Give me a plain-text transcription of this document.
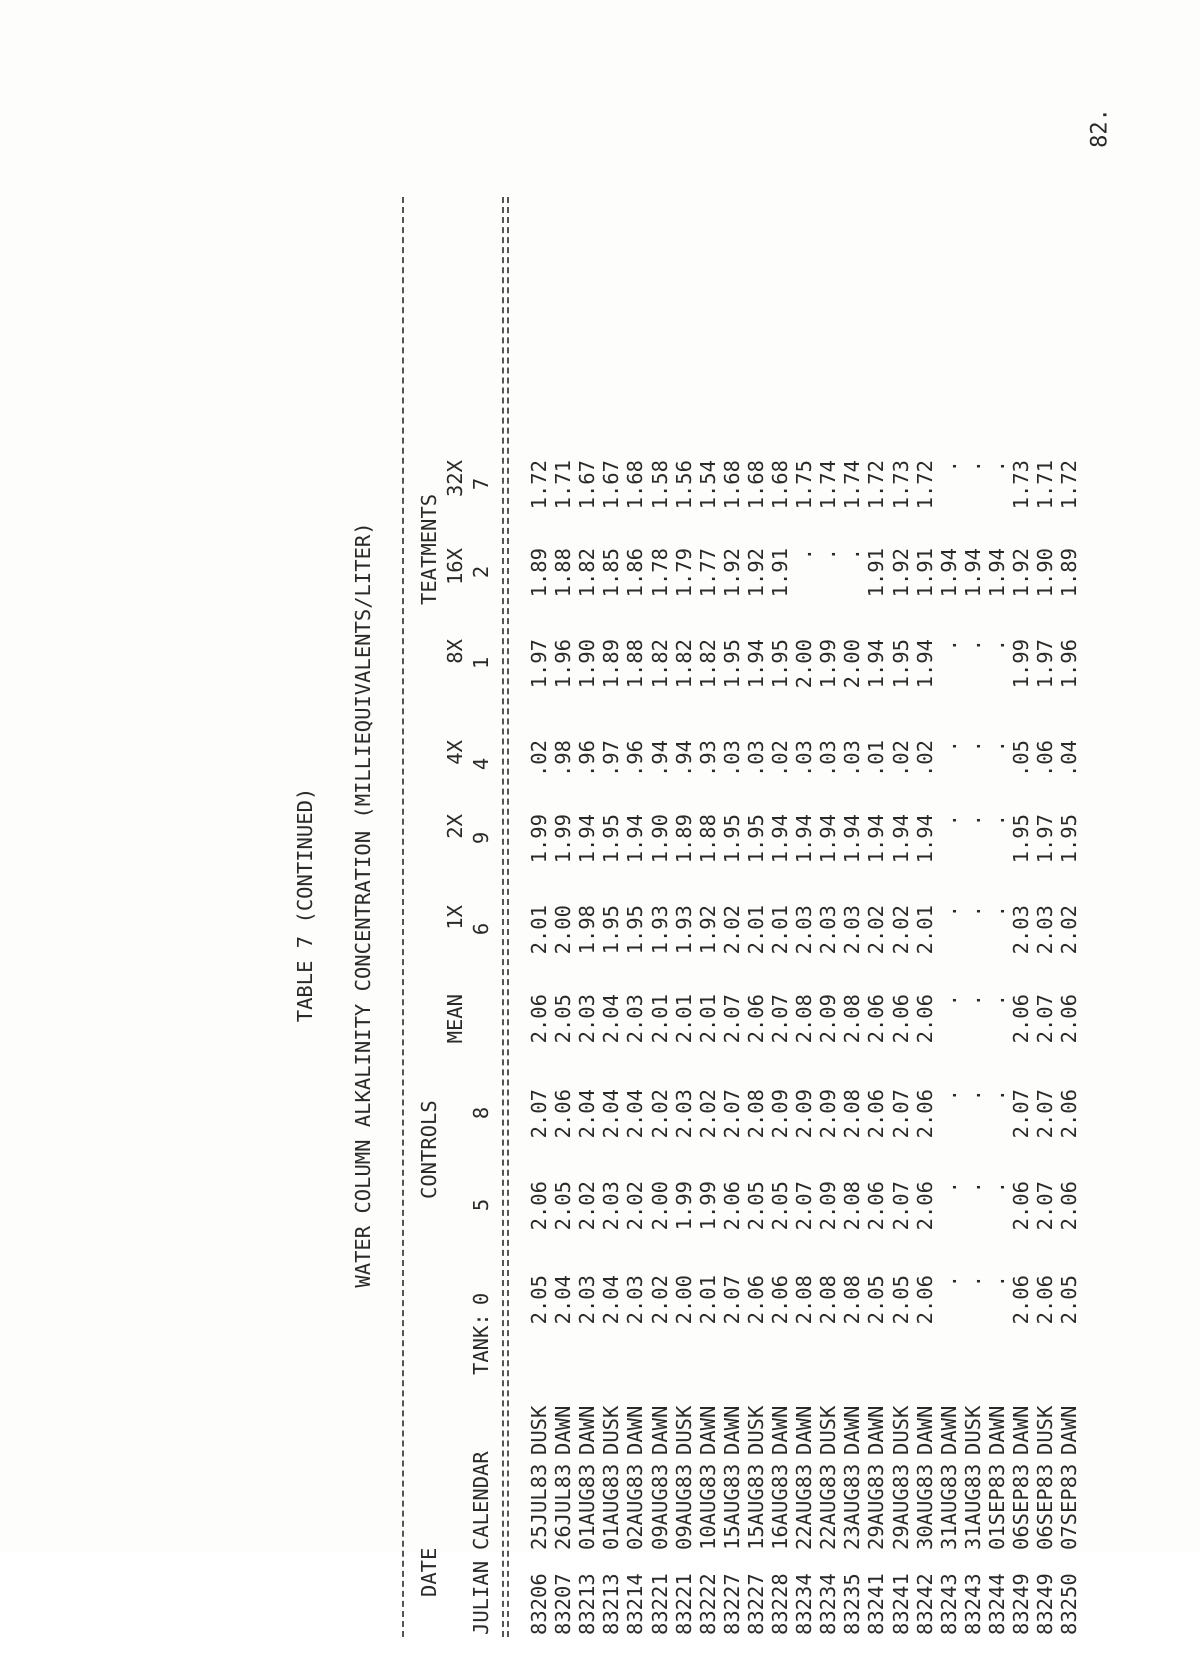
82.
TABLE 7 (CONTINUED) WATER COLUMN ALKALINITY CONCENTRATION (MILLIEQUIVALENTS/LITER)
DATE
CONTROLS
TEATMENTS
JULIAN
CALENDAR
TANK:
83206
25JUL83
DUSK
2.05
2.06
2.07
2.06
2.01
1.99
.02
1.97
1.89
1.72
83207
26JUL83
DAWN
2.04
2.05
2.06
2.05
2.00
1.99
.98
1.96
1.88
1.71
83213
01AUG83
DAWN
2.03
2.02
2.04
2.03
1.98
1.94
.96
1.90
1.82
1.67
83213
01AUG83
DUSK
2.04
2.03
2.04
2.04
1.95
1.95
.97
1.89
1.85
1.67
83214
02AUG83
DAWN
2.03
2.02
2.04
2.03
1.95
1.94
.96
1.88
1.86
1.68
83221
09AUG83
DAWN
2.02
2.00
2.02
2.01
1.93
1.90
.94
1.82
1.78
1.58
83221
09AUG83
DUSK
2.00
1.99
2.03
2.01
1.93
1.89
.94
1.82
1.79
1.56
83222
10AUG83
DAWN
2.01
1.99
2.02
2.01
1.92
1.88
.93
1.82
1.77
1.54
83227
15AUG83
DAWN
2.07
2.06
2.07
2.07
2.02
1.95
.03
1.95
1.92
1.68
83227
15AUG83
DUSK
2.06
2.05
2.08
2.06
2.01
1.95
.03
1.94
1.92
1.68
83228
16AUG83
DAWN
2.06
2.05
2.09
2.07
2.01
1.94
.02
1.95
1.91
1.68
83234
22AUG83
DAWN
2.08
2.07
2.09
2.08
2.03
1.94
.03
2.00
.
1.75
83234
22AUG83
DUSK
2.08
2.09
2.09
2.09
2.03
1.94
.03
1.99
.
1.74
83235
23AUG83
DAWN
2.08
2.08
2.08
2.08
2.03
1.94
.03
2.00
.
1.74
83241
29AUG83
DAWN
2.05
2.06
2.06
2.06
2.02
1.94
.01
1.94
1.91
1.72
83241
29AUG83
DUSK
2.05
2.07
2.07
2.06
2.02
1.94
.02
1.95
1.92
1.73
83242
30AUG83
DAWN
2.06
2.06
2.06
2.06
2.01
1.94
.02
1.94
1.91
1.72
83243
31AUG83
DAWN
.
.
.
.
.
.
.
.
1.94
.
83243
31AUG83
DUSK
.
.
.
.
.
.
.
.
1.94
.
83244
01SEP83
DAWN
.
.
.
.
.
.
.
.
1.94
.
83249
06SEP83
DAWN
2.06
2.06
2.07
2.06
2.03
1.95
.05
1.99
1.92
1.73
83249
06SEP83
DUSK
2.06
2.07
2.07
2.07
2.03
1.97
.06
1.97
1.90
1.71
83250
07SEP83
DAWN
2.05
2.06
2.06
2.06
2.02
1.95
.04
1.96
1.89
1.72
0
5
8
MEAN
1X 6
2X 9
4X 4
8X 1
16X 2
32X 7
